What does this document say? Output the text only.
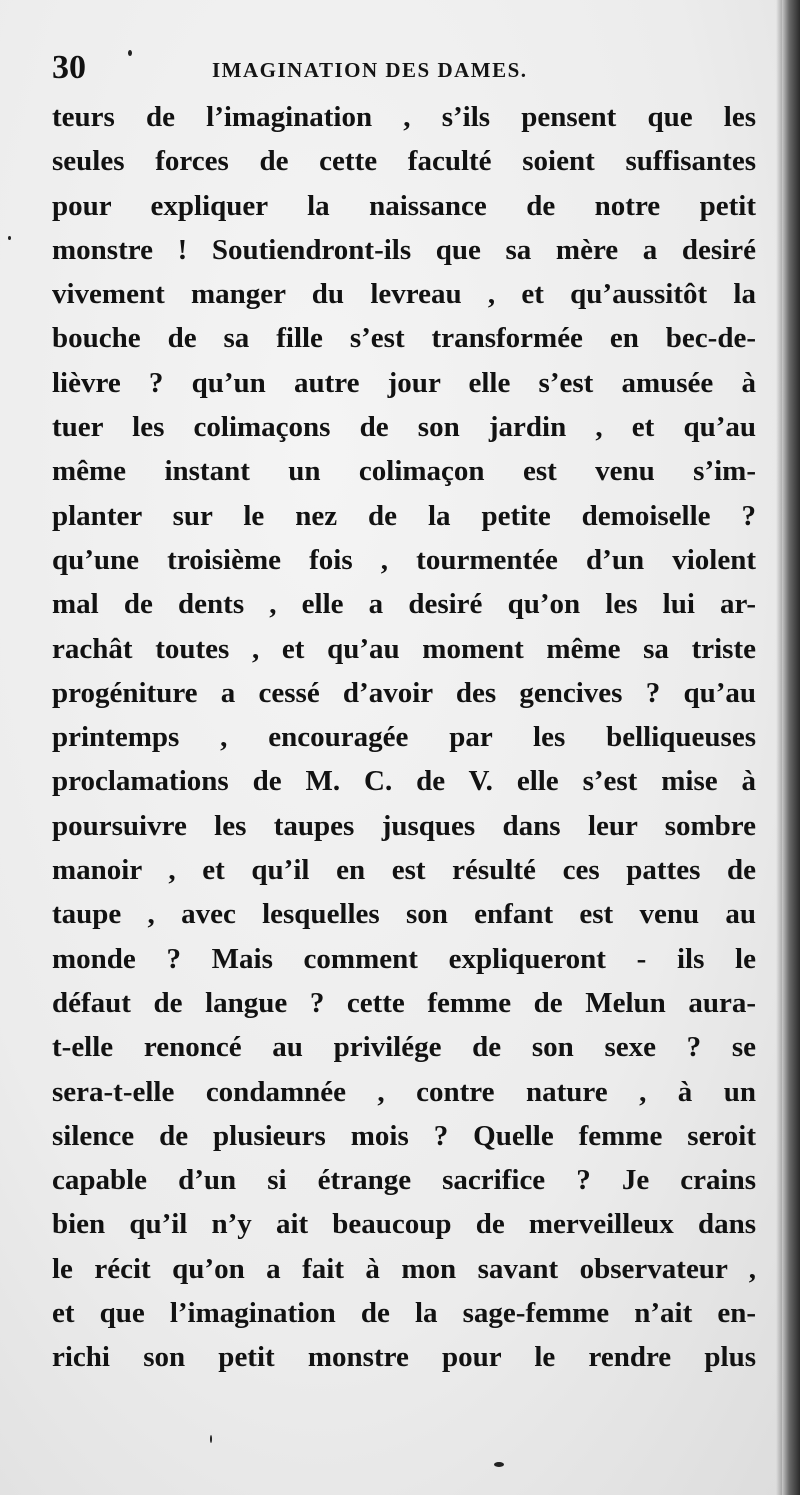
30	IMAGINATION DES DAMES.
teurs de l’imagination , s’ils pensent que les
seules forces de cette faculté soient suffisantes
pour expliquer la naissance de notre petit
monstre ! Soutiendront-ils que sa mère a desiré
vivement manger du levreau , et qu’aussitôt la
bouche de sa fille s’est transformée en bec-de-
lièvre ? qu’un autre jour elle s’est amusée à
tuer les colimaçons de son jardin , et qu’au
même instant un colimaçon est venu s’im-
planter sur le nez de la petite demoiselle ?
qu’une troisième fois , tourmentée d’un violent
mal de dents , elle a desiré qu’on les lui ar-
rachât toutes , et qu’au moment même sa triste
progéniture a cessé d’avoir des gencives ? qu’au
printemps , encouragée par les belliqueuses
proclamations de M. C. de V. elle s’est mise à
poursuivre les taupes jusques dans leur sombre
manoir , et qu’il en est résulté ces pattes de
taupe , avec lesquelles son enfant est venu au
monde ? Mais comment expliqueront - ils le
défaut de langue ? cette femme de Melun aura-
t-elle renoncé au privilége de son sexe ? se
sera-t-elle condamnée , contre nature , à un
silence de plusieurs mois ? Quelle femme seroit
capable d’un si étrange sacrifice ? Je crains
bien qu’il n’y ait beaucoup de merveilleux dans
le récit qu’on a fait à mon savant observateur ,
et que l’imagination de la sage-femme n’ait en-
richi son petit monstre pour le rendre plus
